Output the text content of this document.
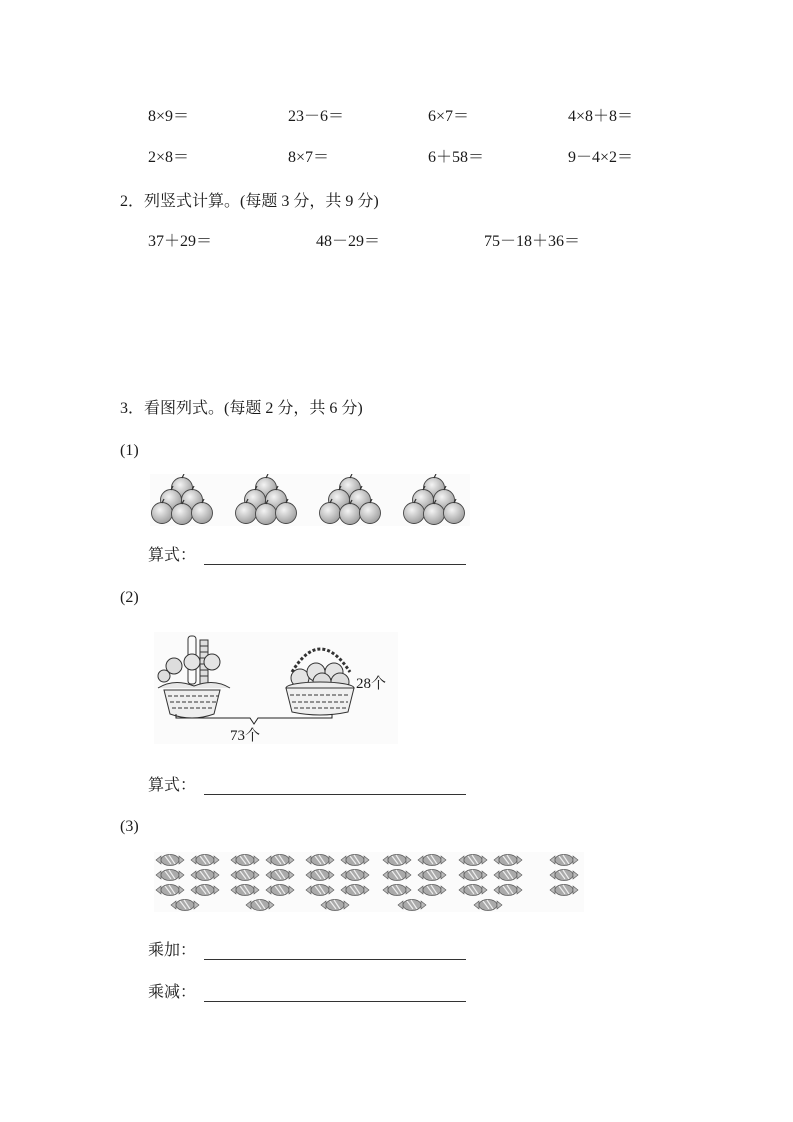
8×9＝	23－6＝	6×7＝	4×8＋8＝
2×8＝	8×7＝	6＋58＝	9－4×2＝
2．列竖式计算。(每题 3 分，共 9 分)
37＋29＝	48－29＝	75－18＋36＝
3．看图列式。(每题 2 分，共 6 分)
(1)
算式：
(2)
28个
73个
算式：
(3)
乘加：
乘减：
